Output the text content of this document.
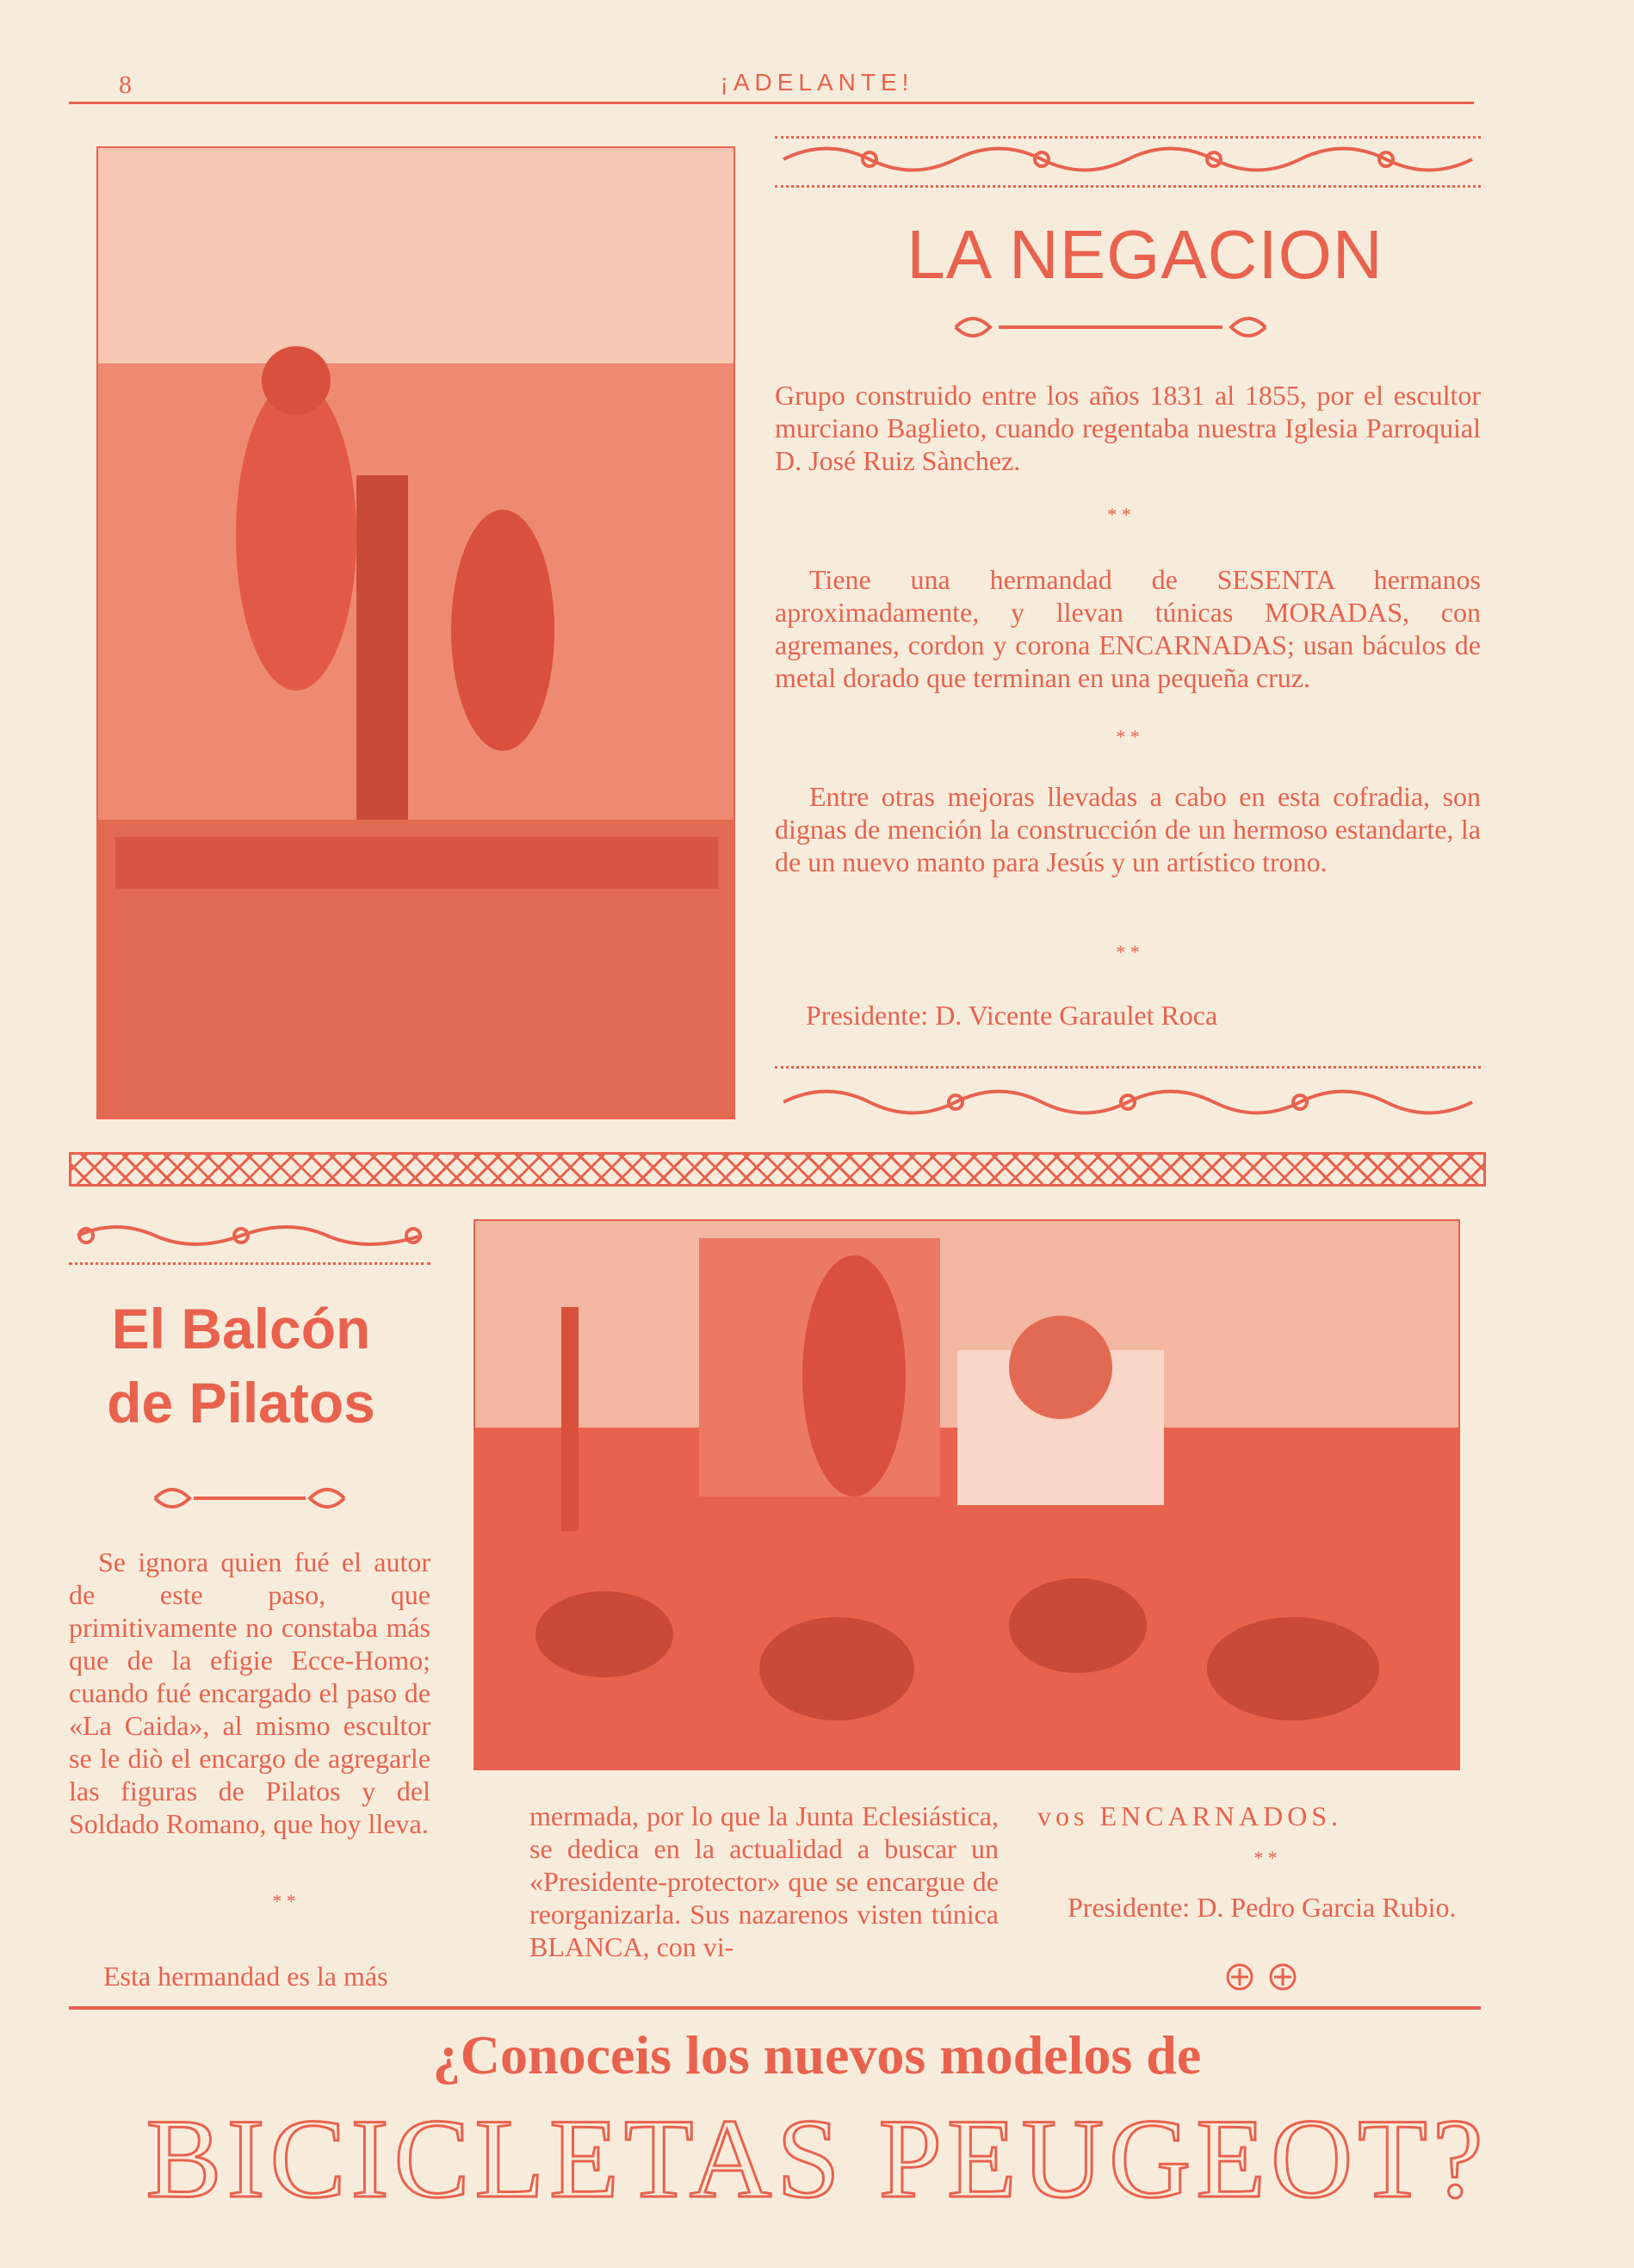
8	¡ADELANTE!
LA NEGACION
Grupo construido entre los años 1831 al 1855, por el escultor murciano Baglieto, cuando regentaba nuestra Iglesia Parroquial D. José Ruiz Sànchez.
* *
Tiene una hermandad de SESENTA hermanos aproximadamente, y llevan túnicas MORADAS, con agremanes, cordon y corona ENCARNADAS; usan báculos de metal dorado que terminan en una pequeña cruz.
* *
Entre otras mejoras llevadas a cabo en esta cofradia, son dignas de mención la construcción de un hermoso estandarte, la de un nuevo manto para Jesús y un artístico trono.
* *
Presidente: D. Vicente Garaulet Roca
El Balcón
de Pilatos
Se ignora quien fué el autor de este paso, que primitivamente no constaba más que de la efigie Ecce-Homo; cuando fué encargado el paso de «La Caida», al mismo escultor se le diò el encargo de agregarle las figuras de Pilatos y del Soldado Romano, que hoy lleva.	mermada, por lo que la Junta Eclesiástica, se dedica en la actualidad a buscar un «Presidente-protector» que se encargue de reorganizarla. Sus nazarenos visten túnica BLANCA, con vi-
* *
Esta hermandad es la más
vos ENCARNADOS.
* *
Presidente: D. Pedro Garcia Rubio.
¿Conoceis los nuevos modelos de
BICICLETAS PEUGEOT?
